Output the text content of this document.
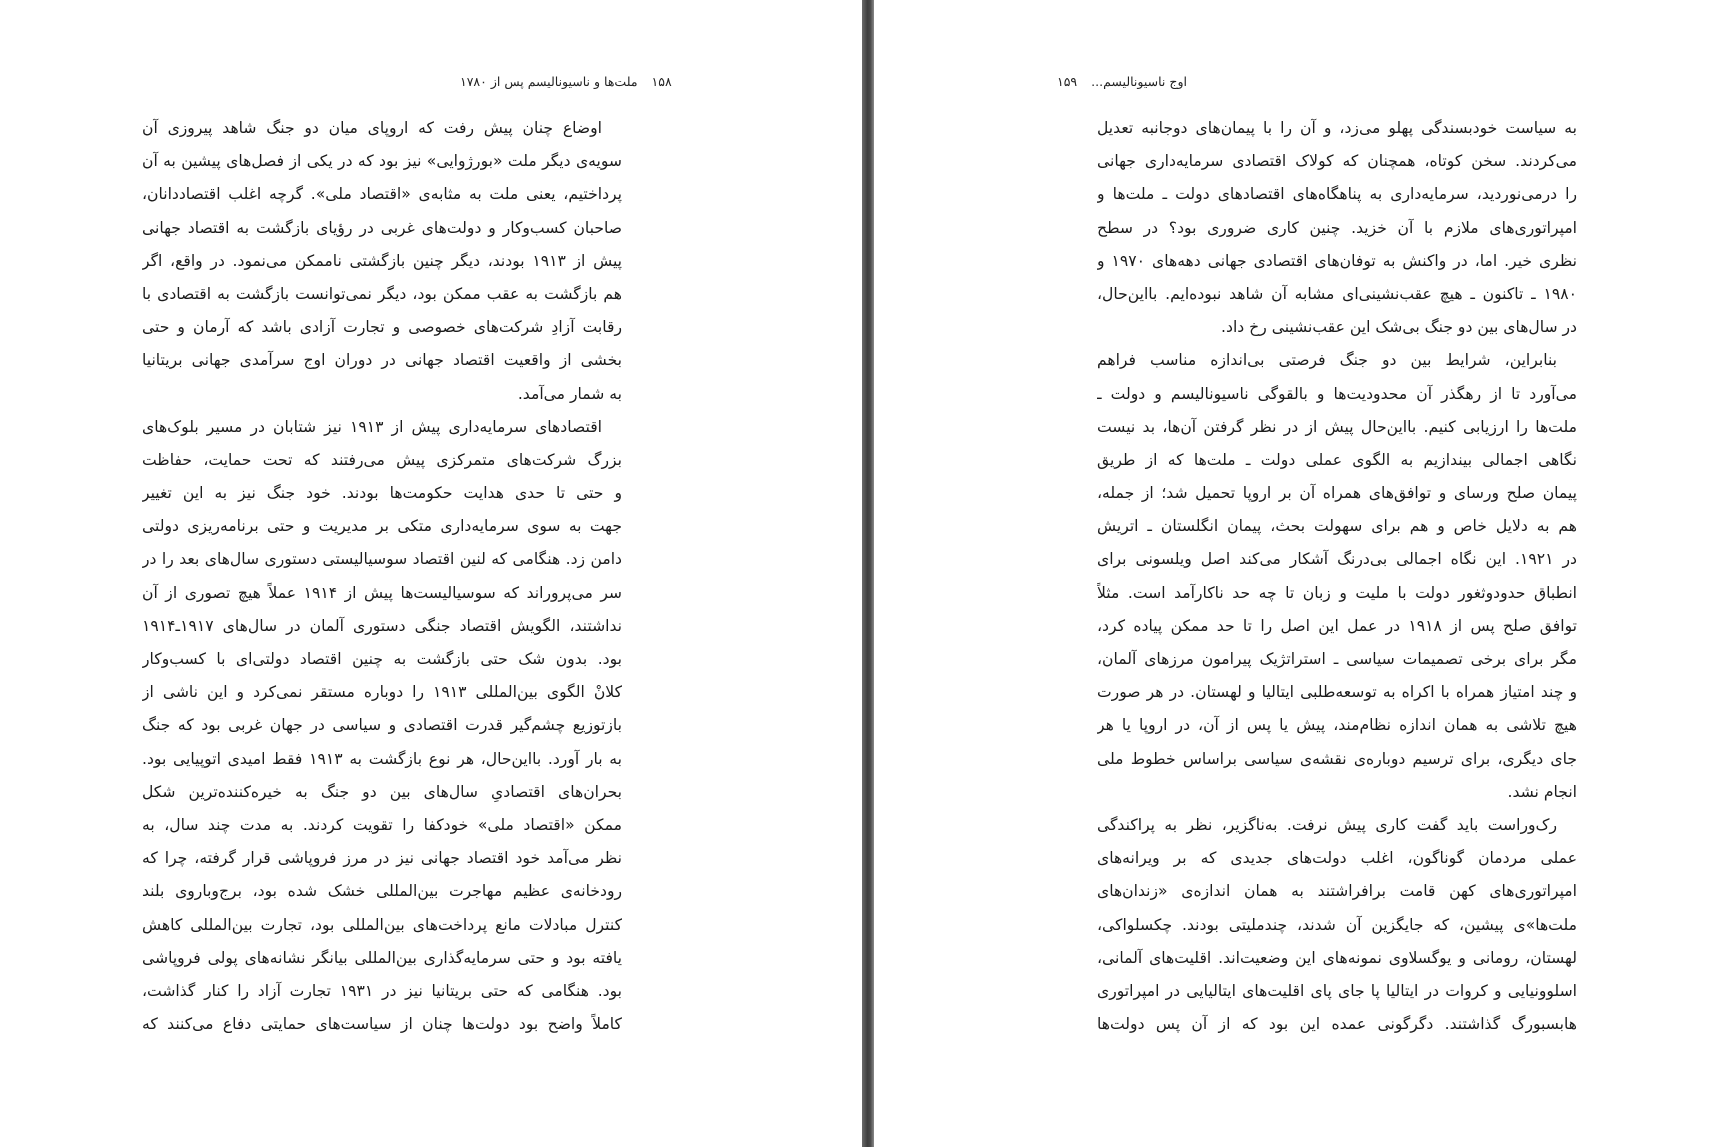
۱۵۸
ملت‌ها و ناسیونالیسم پس از ۱۷۸۰
اوضاع چنان پیش رفت که اروپای میان دو جنگ شاهد پیروزی آن
سویه‌ی دیگر ملت «بورژوایی» نیز بود که در یکی از فصل‌های پیشین به آن
پرداختیم، یعنی ملت به مثابه‌ی «اقتصاد ملی». گرچه اغلب اقتصاددانان،
صاحبان کسب‌وکار و دولت‌های غربی در رؤیای بازگشت به اقتصاد جهانی
پیش از ۱۹۱۳ بودند، دیگر چنین بازگشتی ناممکن می‌نمود. در واقع، اگر
هم بازگشت به عقب ممکن بود، دیگر نمی‌توانست بازگشت به اقتصادی با
رقابت آزادِ شرکت‌های خصوصی و تجارت آزادی باشد که آرمان و حتی
بخشی از واقعیت اقتصاد جهانی در دوران اوج سرآمدی جهانی بریتانیا
به شمار می‌آمد.
اقتصادهای سرمایه‌داری پیش از ۱۹۱۳ نیز شتابان در مسیر بلوک‌های
بزرگ شرکت‌های متمرکزی پیش می‌رفتند که تحت حمایت، حفاظت
و حتی تا حدی هدایت حکومت‌ها بودند. خود جنگ نیز به این تغییر
جهت به سوی سرمایه‌داری متکی بر مدیریت و حتی برنامه‌ریزی دولتی
دامن زد. هنگامی که لنین اقتصاد سوسیالیستی دستوری سال‌های بعد را در
سر می‌پروراند که سوسیالیست‌ها پیش از ۱۹۱۴ عملاً هیچ تصوری از آن
نداشتند، الگویش اقتصاد جنگی دستوری آلمان در سال‌های ۱۹۱۷ـ۱۹۱۴
بود. بدون شک حتی بازگشت به چنین اقتصاد دولتی‌ای با کسب‌وکار
کلانْ الگوی بین‌المللی ۱۹۱۳ را دوباره مستقر نمی‌کرد و این ناشی از
بازتوزیع چشم‌گیر قدرت اقتصادی و سیاسی در جهان غربی بود که جنگ
به بار آورد. بااین‌حال، هر نوع بازگشت به ۱۹۱۳ فقط امیدی اتوپیایی بود.
بحران‌های اقتصادیِ سال‌های بین دو جنگ به خیره‌کننده‌ترین شکل
ممکن «اقتصاد ملی» خودکفا را تقویت کردند. به مدت چند سال، به
نظر می‌آمد خود اقتصاد جهانی نیز در مرز فروپاشی قرار گرفته، چرا که
رودخانه‌ی عظیم مهاجرت بین‌المللی خشک شده بود، برج‌وباروی بلند
کنترل مبادلات مانع پرداخت‌های بین‌المللی بود، تجارت بین‌المللی کاهش
یافته بود و حتی سرمایه‌گذاری بین‌المللی بیانگر نشانه‌های پولی فروپاشی
بود. هنگامی که حتی بریتانیا نیز در ۱۹۳۱ تجارت آزاد را کنار گذاشت،
کاملاً واضح بود دولت‌ها چنان از سیاست‌های حمایتی دفاع می‌کنند که
اوج ناسیونالیسم...
۱۵۹
به سیاست خودبسندگی پهلو می‌زد، و آن را با پیمان‌های دوجانبه تعدیل
می‌کردند. سخن کوتاه، همچنان که کولاک اقتصادی سرمایه‌داری جهانی
را درمی‌نوردید، سرمایه‌داری به پناهگاه‌های اقتصادهای دولت ـ ملت‌ها و
امپراتوری‌های ملازم با آن خزید. چنین کاری ضروری بود؟ در سطح
نظری خیر. اما، در واکنش به توفان‌های اقتصادی جهانی دهه‌های ۱۹۷۰ و
۱۹۸۰ ـ تاکنون ـ هیچ عقب‌نشینی‌ای مشابه آن شاهد نبوده‌ایم. بااین‌حال،
در سال‌های بین دو جنگ بی‌شک این عقب‌نشینی رخ داد.
بنابراین، شرایط بین دو جنگ فرصتی بی‌اندازه مناسب فراهم
می‌آورد تا از رهگذر آن محدودیت‌ها و بالقوگی ناسیونالیسم و دولت ـ
ملت‌ها را ارزیابی کنیم. بااین‌حال پیش از در نظر گرفتن آن‌ها، بد نیست
نگاهی اجمالی بیندازیم به الگوی عملی دولت ـ ملت‌ها که از طریق
پیمان صلح ورسای و توافق‌های همراه آن بر اروپا تحمیل شد؛ از جمله،
هم به دلایل خاص و هم برای سهولت بحث، پیمان انگلستان ـ اتریش
در ۱۹۲۱. این نگاه اجمالی بی‌درنگ آشکار می‌کند اصل ویلسونی برای
انطباق حدودوثغور دولت با ملیت و زبان تا چه حد ناکارآمد است. مثلاً
توافق صلح پس از ۱۹۱۸ در عمل این اصل را تا حد ممکن پیاده کرد،
مگر برای برخی تصمیمات سیاسی ـ استراتژیک پیرامون مرزهای آلمان،
و چند امتیاز همراه با اکراه به توسعه‌طلبی ایتالیا و لهستان. در هر صورت
هیچ تلاشی به همان اندازه نظام‌مند، پیش یا پس از آن، در اروپا یا هر
جای دیگری، برای ترسیم دوباره‌ی نقشه‌ی سیاسی براساس خطوط ملی
انجام نشد.
رک‌وراست باید گفت کاری پیش نرفت. به‌ناگزیر، نظر به پراکندگی
عملی مردمان گوناگون، اغلب دولت‌های جدیدی که بر ویرانه‌های
امپراتوری‌های کهن قامت برافراشتند به همان اندازه‌ی «زندان‌های
ملت‌ها»ی پیشین، که جایگزین آن شدند، چندملیتی بودند. چکسلواکی،
لهستان، رومانی و یوگسلاوی نمونه‌های این وضعیت‌اند. اقلیت‌های آلمانی،
اسلوونیایی و کروات در ایتالیا پا جای پای اقلیت‌های ایتالیایی در امپراتوری
هابسبورگ گذاشتند. دگرگونی عمده این بود که از آن پس دولت‌ها
